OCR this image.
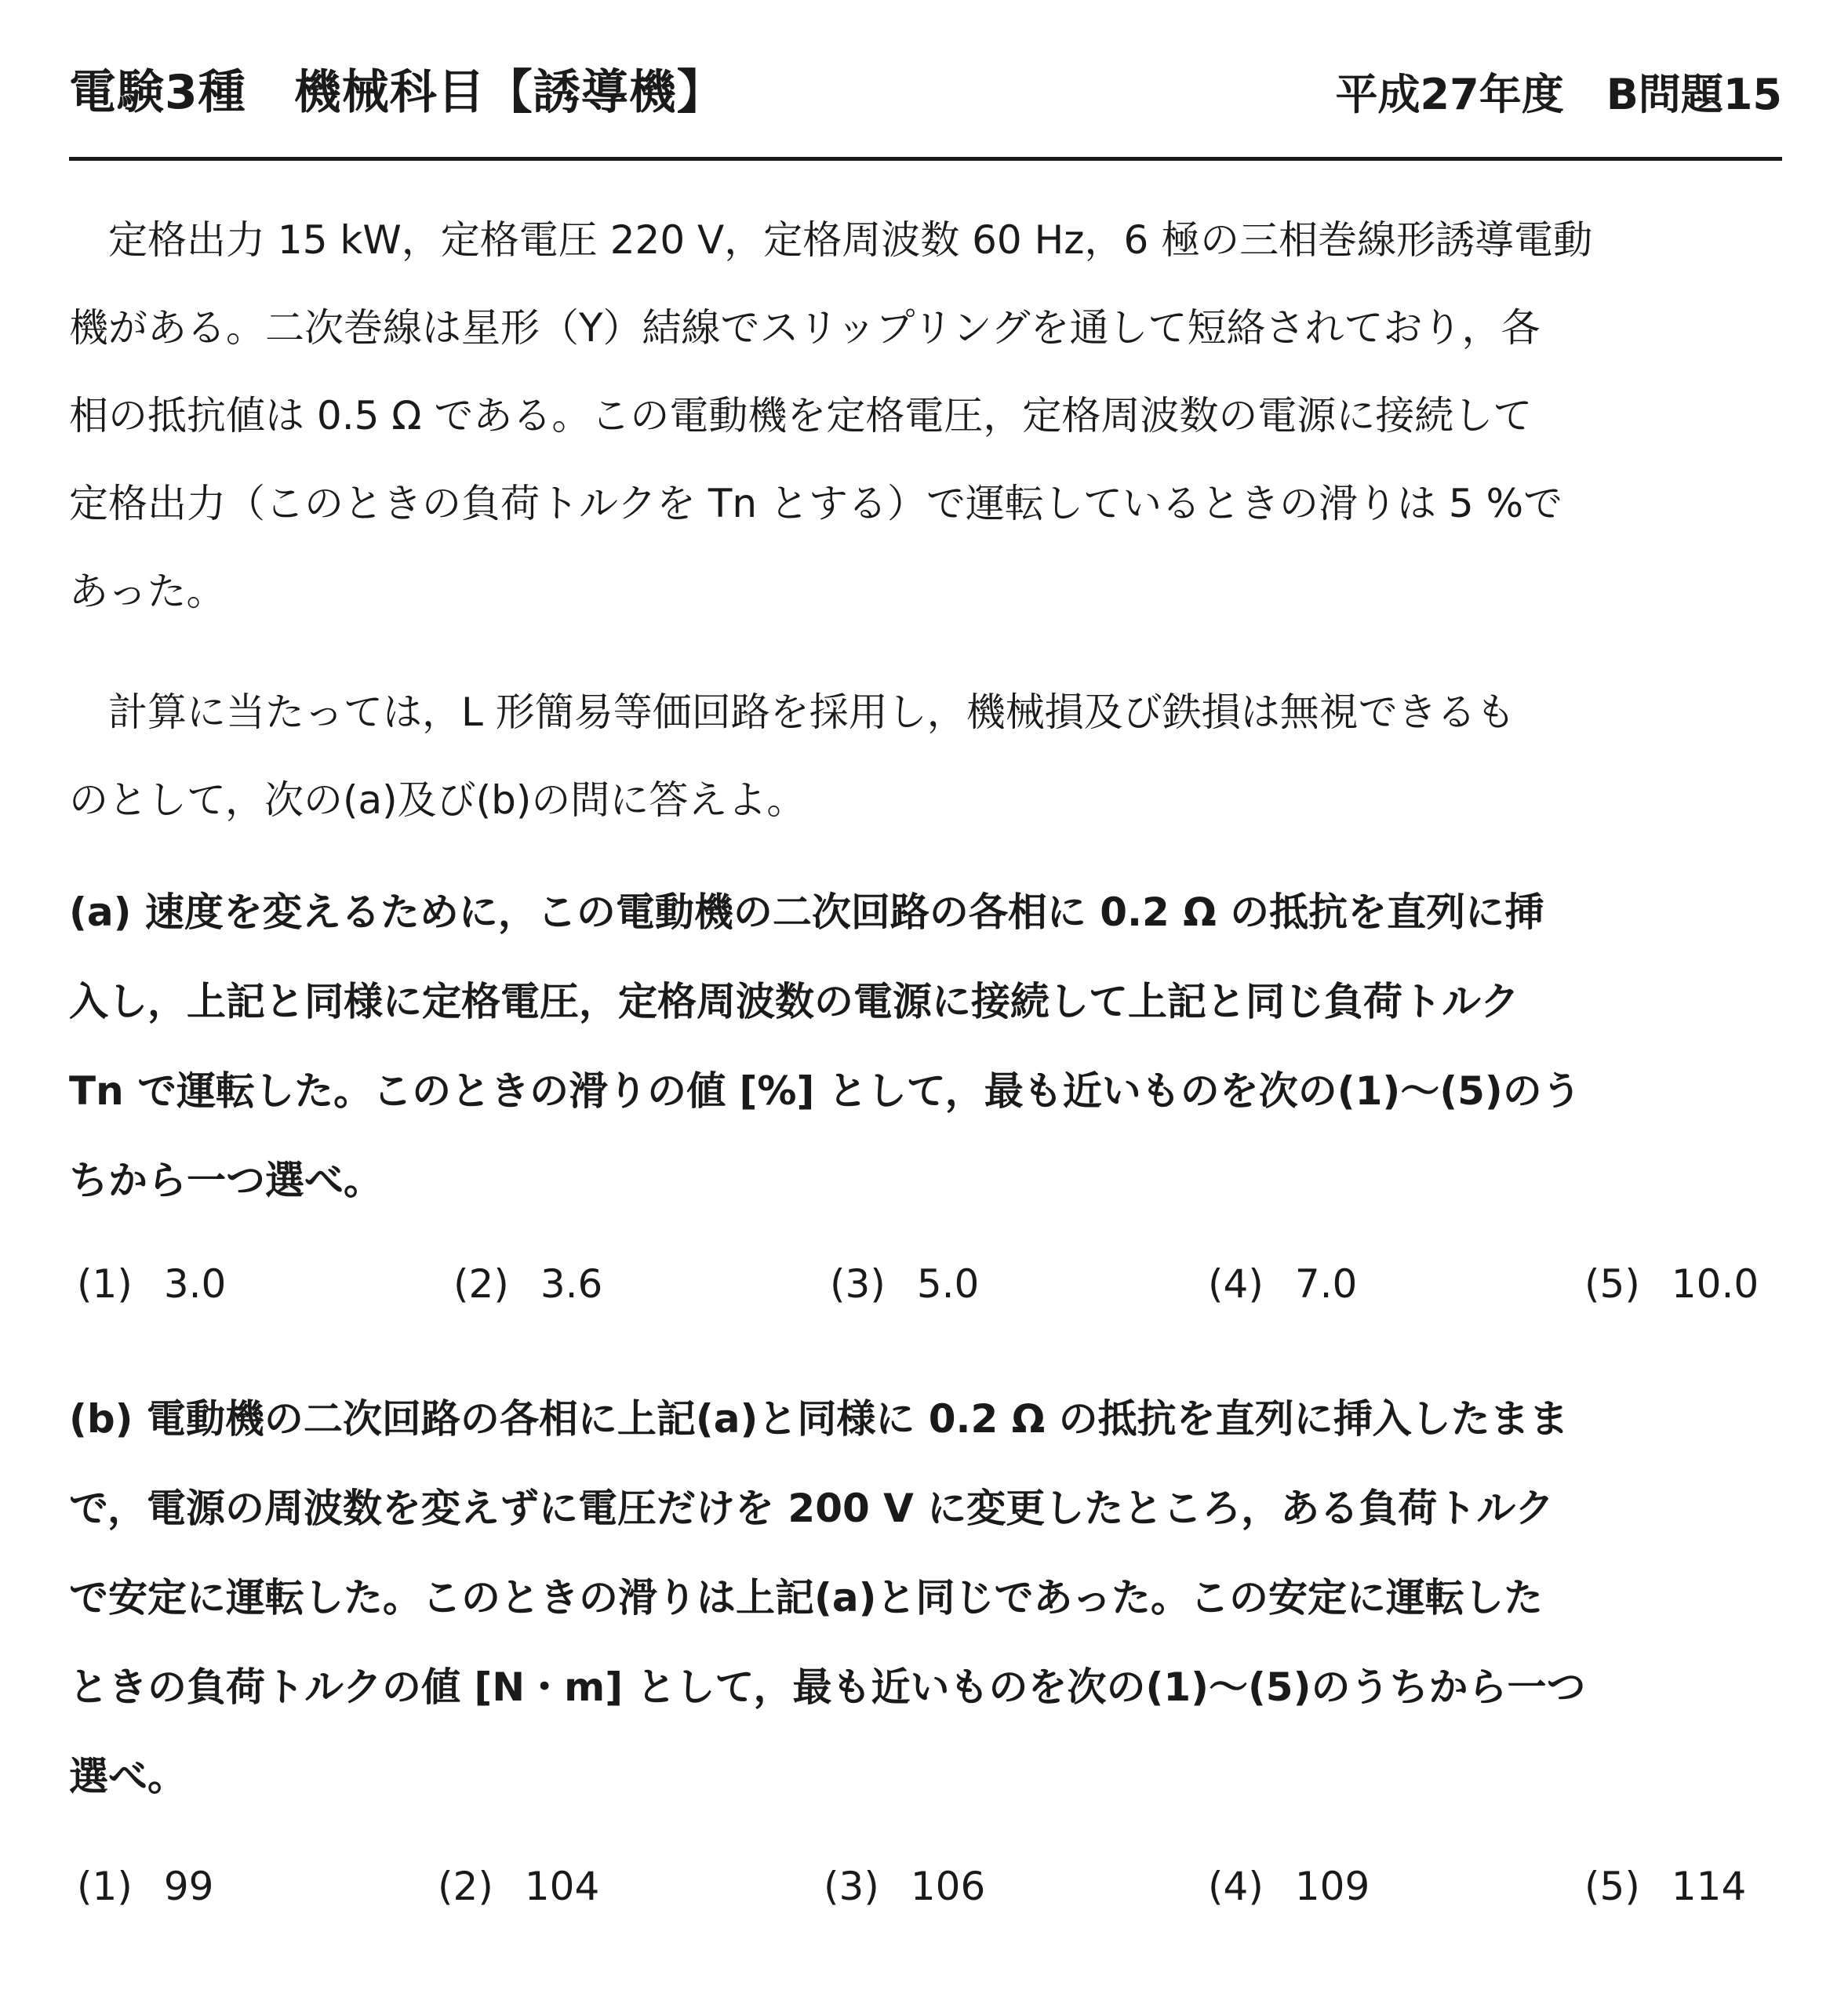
電験3種　機械科目【誘導機】	平成27年度　B問題15
　定格出力 15 kW，定格電圧 220 V，定格周波数 60 Hz，6 極の三相巻線形誘導電動
機がある。二次巻線は星形（Y）結線でスリップリングを通して短絡されており，各
相の抵抗値は 0.5 Ω である。この電動機を定格電圧，定格周波数の電源に接続して
定格出力（このときの負荷トルクを Tn とする）で運転しているときの滑りは 5 %で
あった。
　計算に当たっては，L 形簡易等価回路を採用し，機械損及び鉄損は無視できるも
のとして，次の(a)及び(b)の問に答えよ。
(a) 速度を変えるために，この電動機の二次回路の各相に 0.2 Ω の抵抗を直列に挿
入し，上記と同様に定格電圧，定格周波数の電源に接続して上記と同じ負荷トルク
Tn で運転した。このときの滑りの値 [%] として，最も近いものを次の(1)～(5)のう
ちから一つ選べ。
(1) 3.0	(2) 3.6	(3) 5.0	(4) 7.0	(5) 10.0
(b) 電動機の二次回路の各相に上記(a)と同様に 0.2 Ω の抵抗を直列に挿入したまま
で，電源の周波数を変えずに電圧だけを 200 V に変更したところ，ある負荷トルク
で安定に運転した。このときの滑りは上記(a)と同じであった。この安定に運転した
ときの負荷トルクの値 [N・m] として，最も近いものを次の(1)～(5)のうちから一つ
選べ。
(1) 99	(2) 104	(3) 106	(4) 109	(5) 114
